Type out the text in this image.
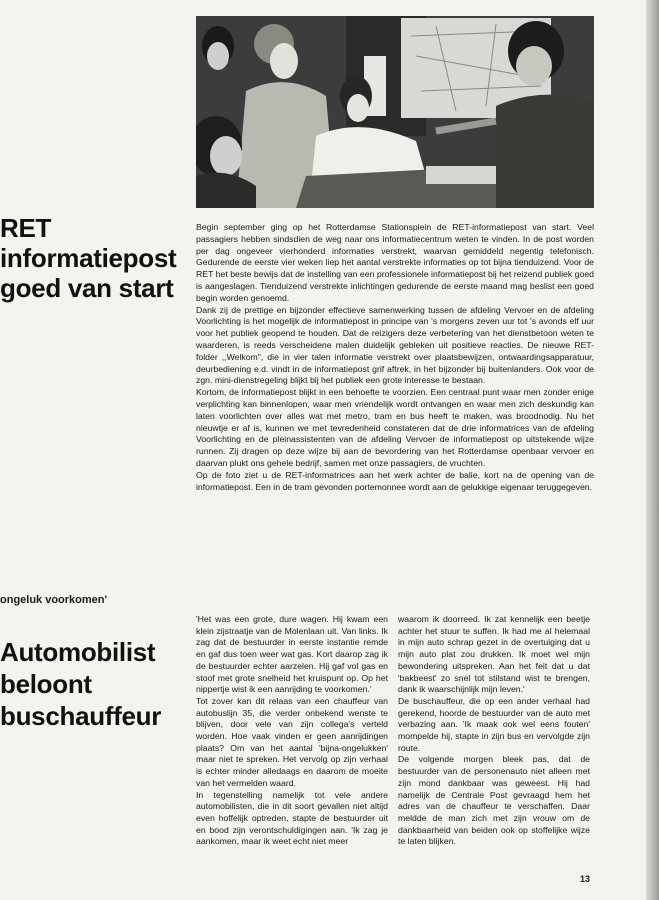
RET
informatiepost
goed van start

Begin september ging op het Rotterdamse Stationsplein de RET-informatiepost van start. Veel passagiers hebben sindsdien de weg naar ons informatiecentrum weten te vinden. In de post worden per dag ongeveer vierhonderd informaties verstrekt, waarvan gemiddeld negentig telefonisch. Gedurende de eerste vier weken liep het aantal verstrekte informaties op tot bijna tienduizend. Voor de RET het beste bewijs dat de instelling van een professionele informatiepost bij het reizend publiek goed is aangeslagen. Tienduizend verstrekte inlichtingen gedurende de eerste maand mag beslist een goed begin worden genoemd.

Dank zij de prettige en bijzonder effectieve samenwerking tussen de afdeling Vervoer en de afdeling Voorlichting is het mogelijk de informatiepost in principe van 's morgens zeven uur tot 's avonds elf uur voor het publiek geopend te houden. Dat de reizigers deze verbetering van het dienstbetoon weten te waarderen, is reeds verscheidene malen duidelijk gebleken uit positieve reacties. De nieuwe RET-folder ,,Welkom", die in vier talen informatie verstrekt over plaatsbewijzen, ontwaardingsapparatuur, deurbediening e.d. vindt in de informatiepost grif aftrek, in het bijzonder bij buitenlanders. Ook voor de zgn. mini-dienstregeling blijkt bij het publiek een grote interesse te bestaan.

Kortom, de informatiepost blijkt in een behoefte te voorzien. Een centraal punt waar men zonder enige verplichting kan binnenlopen, waar men vriendelijk wordt ontvangen en waar men zich deskundig kan laten voorlichten over alles wat met metro, tram en bus heeft te maken, was broodnodig. Nu het nieuwtje er af is, kunnen we met tevredenheid constateren dat de drie informatrices van de afdeling Voorlichting en de pleinassistenten van de afdeling Vervoer de informatiepost op uitstekende wijze runnen. Zij dragen op deze wijze bij aan de bevordering van het Rotterdamse openbaar vervoer en daarvan plukt ons gehele bedrijf, samen met onze passagiers, de vruchten.

Op de foto ziet u de RET-informatrices aan het werk achter de balie, kort na de opening van de informatiepost. Een in de tram gevonden portemonnee wordt aan de gelukkige eigenaar teruggegeven.

ongeluk voorkomen'

Automobilist
beloont
buschauffeur

'Het was een grote, dure wagen. Hij kwam een klein zijstraatje van de Molenlaan uit. Van links. Ik zag dat de bestuurder in eerste instantie remde en gaf dus toen weer wat gas. Kort daarop zag ik de bestuurder echter aarzelen. Hij gaf vol gas en stoof met grote snelheid het kruispunt op. Op het nippertje wist ik een aanrijding te voorkomen.'

Tot zover kan dit relaas van een chauffeur van autobuslijn 35, die verder onbekend wenste te blijven, door vele van zijn collega's verteld worden. Hoe vaak vinden er geen aanrijdingen plaats? Om van het aantal 'bijna-ongelukken' maar niet te spreken. Het vervolg op zijn verhaal is echter minder alledaags en daarom de moeite van het vermelden waard.

In tegenstelling namelijk tot vele andere automobilisten, die in dit soort gevallen niet altijd even hoffelijk optreden, stapte de bestuurder uit en bood zijn verontschuldigingen aan. 'Ik zag je aankomen, maar ik weet echt niet meer

waarom ik doorreed. Ik zat kennelijk een beetje achter het stuur te suffen. Ik had me al helemaal in mijn auto schrap gezet in de overtuiging dat u mijn auto plat zou drukken. Ik moet wel mijn bewondering uitspreken. Aan het feit dat u dat 'bakbeest' zo snel tot stilstand wist te brengen, dank ik waarschijnlijk mijn leven.'

De buschauffeur, die op een ander verhaal had gerekend, hoorde de bestuurder van de auto met verbazing aan. 'Ik maak ook wel eens fouten' mompelde hij, stapte in zijn bus en vervolgde zijn route.

De volgende morgen bleek pas, dat de bestuurder van de personenauto niet alleen met zijn mond dankbaar was geweest. Hij had namelijk de Centrale Post gevraagd hem het adres van de chauffeur te verschaffen. Daar meldde de man zich met zijn vrouw om de dankbaarheid van beiden ook op stoffelijke wijze te laten blijken.

13
